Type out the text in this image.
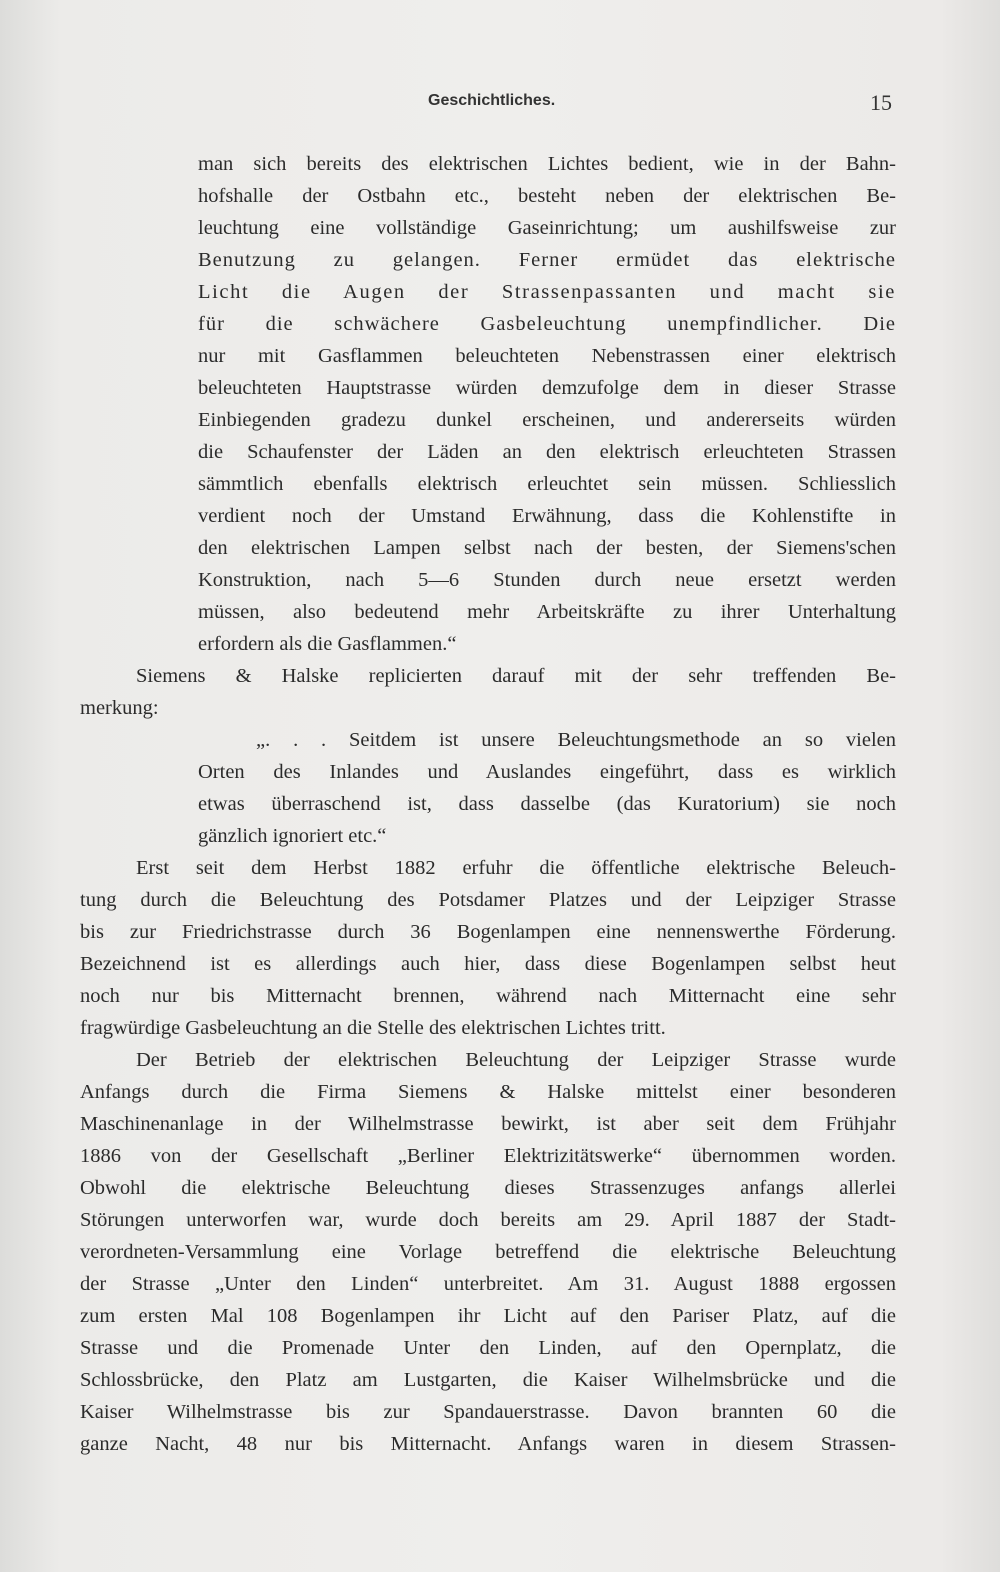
Geschichtliches.	15

man sich bereits des elektrischen Lichtes bedient, wie in der Bahn-

hofshalle der Ostbahn etc., besteht neben der elektrischen Be-

leuchtung eine vollständige Gaseinrichtung; um aushilfsweise zur

Benutzung zu gelangen. Ferner ermüdet das elektrische

Licht die Augen der Strassenpassanten und macht sie

für die schwächere Gasbeleuchtung unempfindlicher. Die

nur mit Gasflammen beleuchteten Nebenstrassen einer elektrisch

beleuchteten Hauptstrasse würden demzufolge dem in dieser Strasse

Einbiegenden gradezu dunkel erscheinen, und andererseits würden

die Schaufenster der Läden an den elektrisch erleuchteten Strassen

sämmtlich ebenfalls elektrisch erleuchtet sein müssen. Schliesslich

verdient noch der Umstand Erwähnung, dass die Kohlenstifte in

den elektrischen Lampen selbst nach der besten, der Siemens'schen

Konstruktion, nach 5—6 Stunden durch neue ersetzt werden

müssen, also bedeutend mehr Arbeitskräfte zu ihrer Unterhaltung

erfordern als die Gasflammen.“

Siemens & Halske replicierten darauf mit der sehr treffenden Be-

merkung:

„. . . Seitdem ist unsere Beleuchtungsmethode an so vielen

Orten des Inlandes und Auslandes eingeführt, dass es wirklich

etwas überraschend ist, dass dasselbe (das Kuratorium) sie noch

gänzlich ignoriert etc.“

Erst seit dem Herbst 1882 erfuhr die öffentliche elektrische Beleuch-

tung durch die Beleuchtung des Potsdamer Platzes und der Leipziger Strasse

bis zur Friedrichstrasse durch 36 Bogenlampen eine nennenswerthe Förderung.

Bezeichnend ist es allerdings auch hier, dass diese Bogenlampen selbst heut

noch nur bis Mitternacht brennen, während nach Mitternacht eine sehr

fragwürdige Gasbeleuchtung an die Stelle des elektrischen Lichtes tritt.

Der Betrieb der elektrischen Beleuchtung der Leipziger Strasse wurde

Anfangs durch die Firma Siemens & Halske mittelst einer besonderen

Maschinenanlage in der Wilhelmstrasse bewirkt, ist aber seit dem Frühjahr

1886 von der Gesellschaft „Berliner Elektrizitätswerke“ übernommen worden.

Obwohl die elektrische Beleuchtung dieses Strassenzuges anfangs allerlei

Störungen unterworfen war, wurde doch bereits am 29. April 1887 der Stadt-

verordneten-Versammlung eine Vorlage betreffend die elektrische Beleuchtung

der Strasse „Unter den Linden“ unterbreitet. Am 31. August 1888 ergossen

zum ersten Mal 108 Bogenlampen ihr Licht auf den Pariser Platz, auf die

Strasse und die Promenade Unter den Linden, auf den Opernplatz, die

Schlossbrücke, den Platz am Lustgarten, die Kaiser Wilhelmsbrücke und die

Kaiser Wilhelmstrasse bis zur Spandauerstrasse. Davon brannten 60 die

ganze Nacht, 48 nur bis Mitternacht. Anfangs waren in diesem Strassen-
